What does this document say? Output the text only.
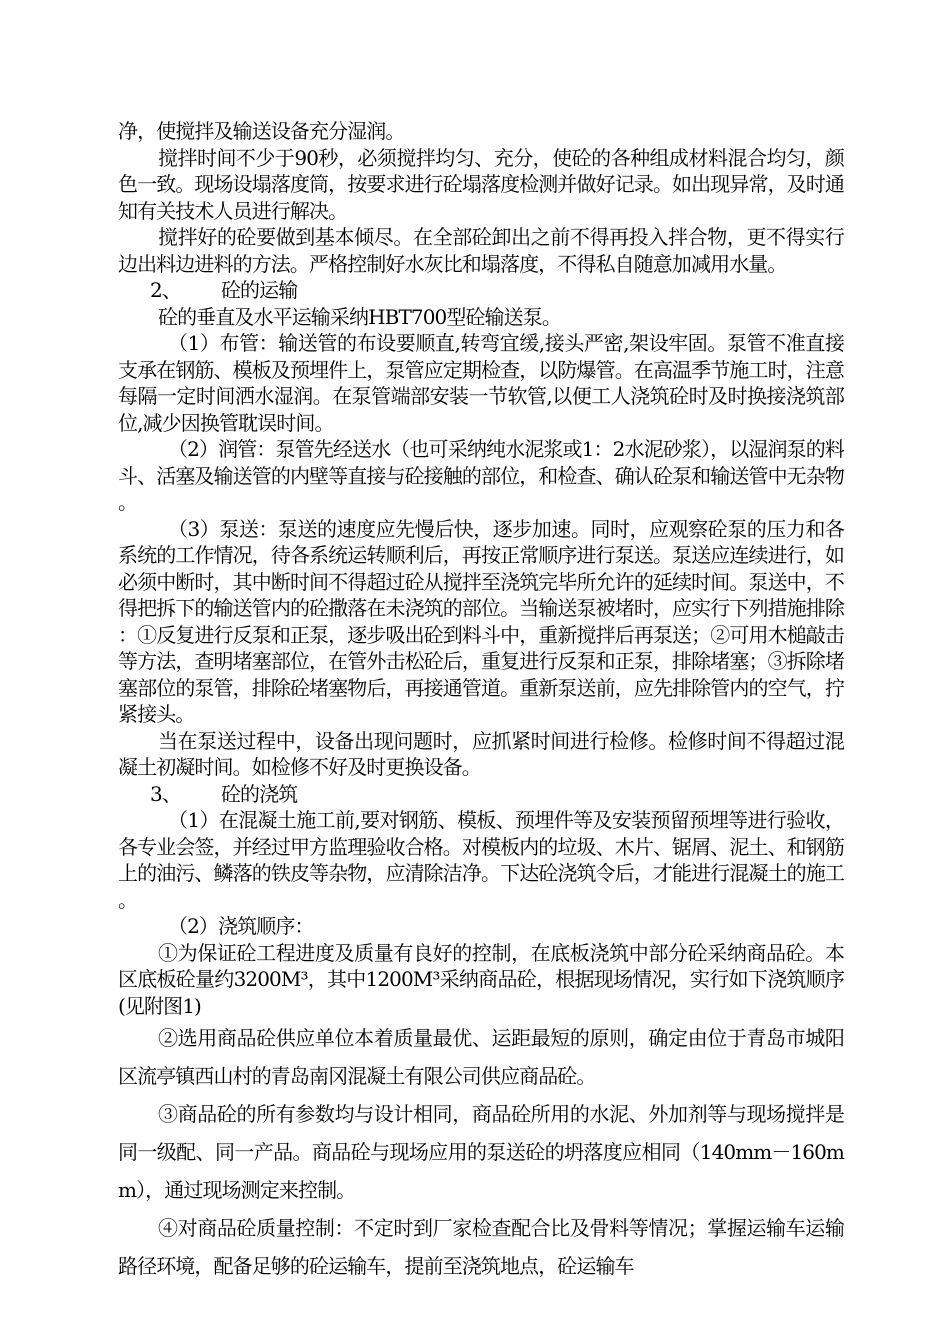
净，使搅拌及输送设备充分湿润。

搅拌时间不少于90秒，必须搅拌均匀、充分，使砼的各种组成材料混合均匀，颜色一致。现场设塌落度筒，按要求进行砼塌落度检测并做好记录。如出现异常，及时通知有关技术人员进行解决。

搅拌好的砼要做到基本倾尽。在全部砼卸出之前不得再投入拌合物，更不得实行边出料边进料的方法。严格控制好水灰比和塌落度，不得私自随意加减用水量。

2、 砼的运输

砼的垂直及水平运输采纳HBT700型砼输送泵。

（1）布管：输送管的布设要顺直,转弯宜缓,接头严密,架设牢固。泵管不准直接支承在钢筋、模板及预埋件上，泵管应定期检查，以防爆管。在高温季节施工时，注意每隔一定时间洒水湿润。在泵管端部安装一节软管,以便工人浇筑砼时及时换接浇筑部位,减少因换管耽误时间。

（2）润管：泵管先经送水（也可采纳纯水泥浆或1：2水泥砂浆），以湿润泵的料斗、活塞及输送管的内壁等直接与砼接触的部位，和检查、确认砼泵和输送管中无杂物。

（3）泵送：泵送的速度应先慢后快，逐步加速。同时，应观察砼泵的压力和各系统的工作情况，待各系统运转顺利后，再按正常顺序进行泵送。泵送应连续进行，如必须中断时，其中断时间不得超过砼从搅拌至浇筑完毕所允许的延续时间。泵送中，不得把拆下的输送管内的砼撒落在未浇筑的部位。当输送泵被堵时，应实行下列措施排除：①反复进行反泵和正泵，逐步吸出砼到料斗中，重新搅拌后再泵送；②可用木槌敲击等方法，查明堵塞部位，在管外击松砼后，重复进行反泵和正泵，排除堵塞；③拆除堵塞部位的泵管，排除砼堵塞物后，再接通管道。重新泵送前，应先排除管内的空气，拧紧接头。

当在泵送过程中，设备出现问题时，应抓紧时间进行检修。检修时间不得超过混凝土初凝时间。如检修不好及时更换设备。

3、 砼的浇筑

（1）在混凝土施工前,要对钢筋、模板、预埋件等及安装预留预埋等进行验收，各专业会签，并经过甲方监理验收合格。对模板内的垃圾、木片、锯屑、泥土、和钢筋上的油污、鳞落的铁皮等杂物，应清除洁净。下达砼浇筑令后，才能进行混凝土的施工。

（2）浇筑顺序：

①为保证砼工程进度及质量有良好的控制，在底板浇筑中部分砼采纳商品砼。本区底板砼量约3200M³，其中1200M³采纳商品砼，根据现场情况，实行如下浇筑顺序(见附图1)

②选用商品砼供应单位本着质量最优、运距最短的原则，确定由位于青岛市城阳区流亭镇西山村的青岛南冈混凝土有限公司供应商品砼。

③商品砼的所有参数均与设计相同，商品砼所用的水泥、外加剂等与现场搅拌是同一级配、同一产品。商品砼与现场应用的泵送砼的坍落度应相同（140mm－160mm），通过现场测定来控制。

④对商品砼质量控制：不定时到厂家检查配合比及骨料等情况；掌握运输车运输路径环境，配备足够的砼运输车，提前至浇筑地点，砼运输车
